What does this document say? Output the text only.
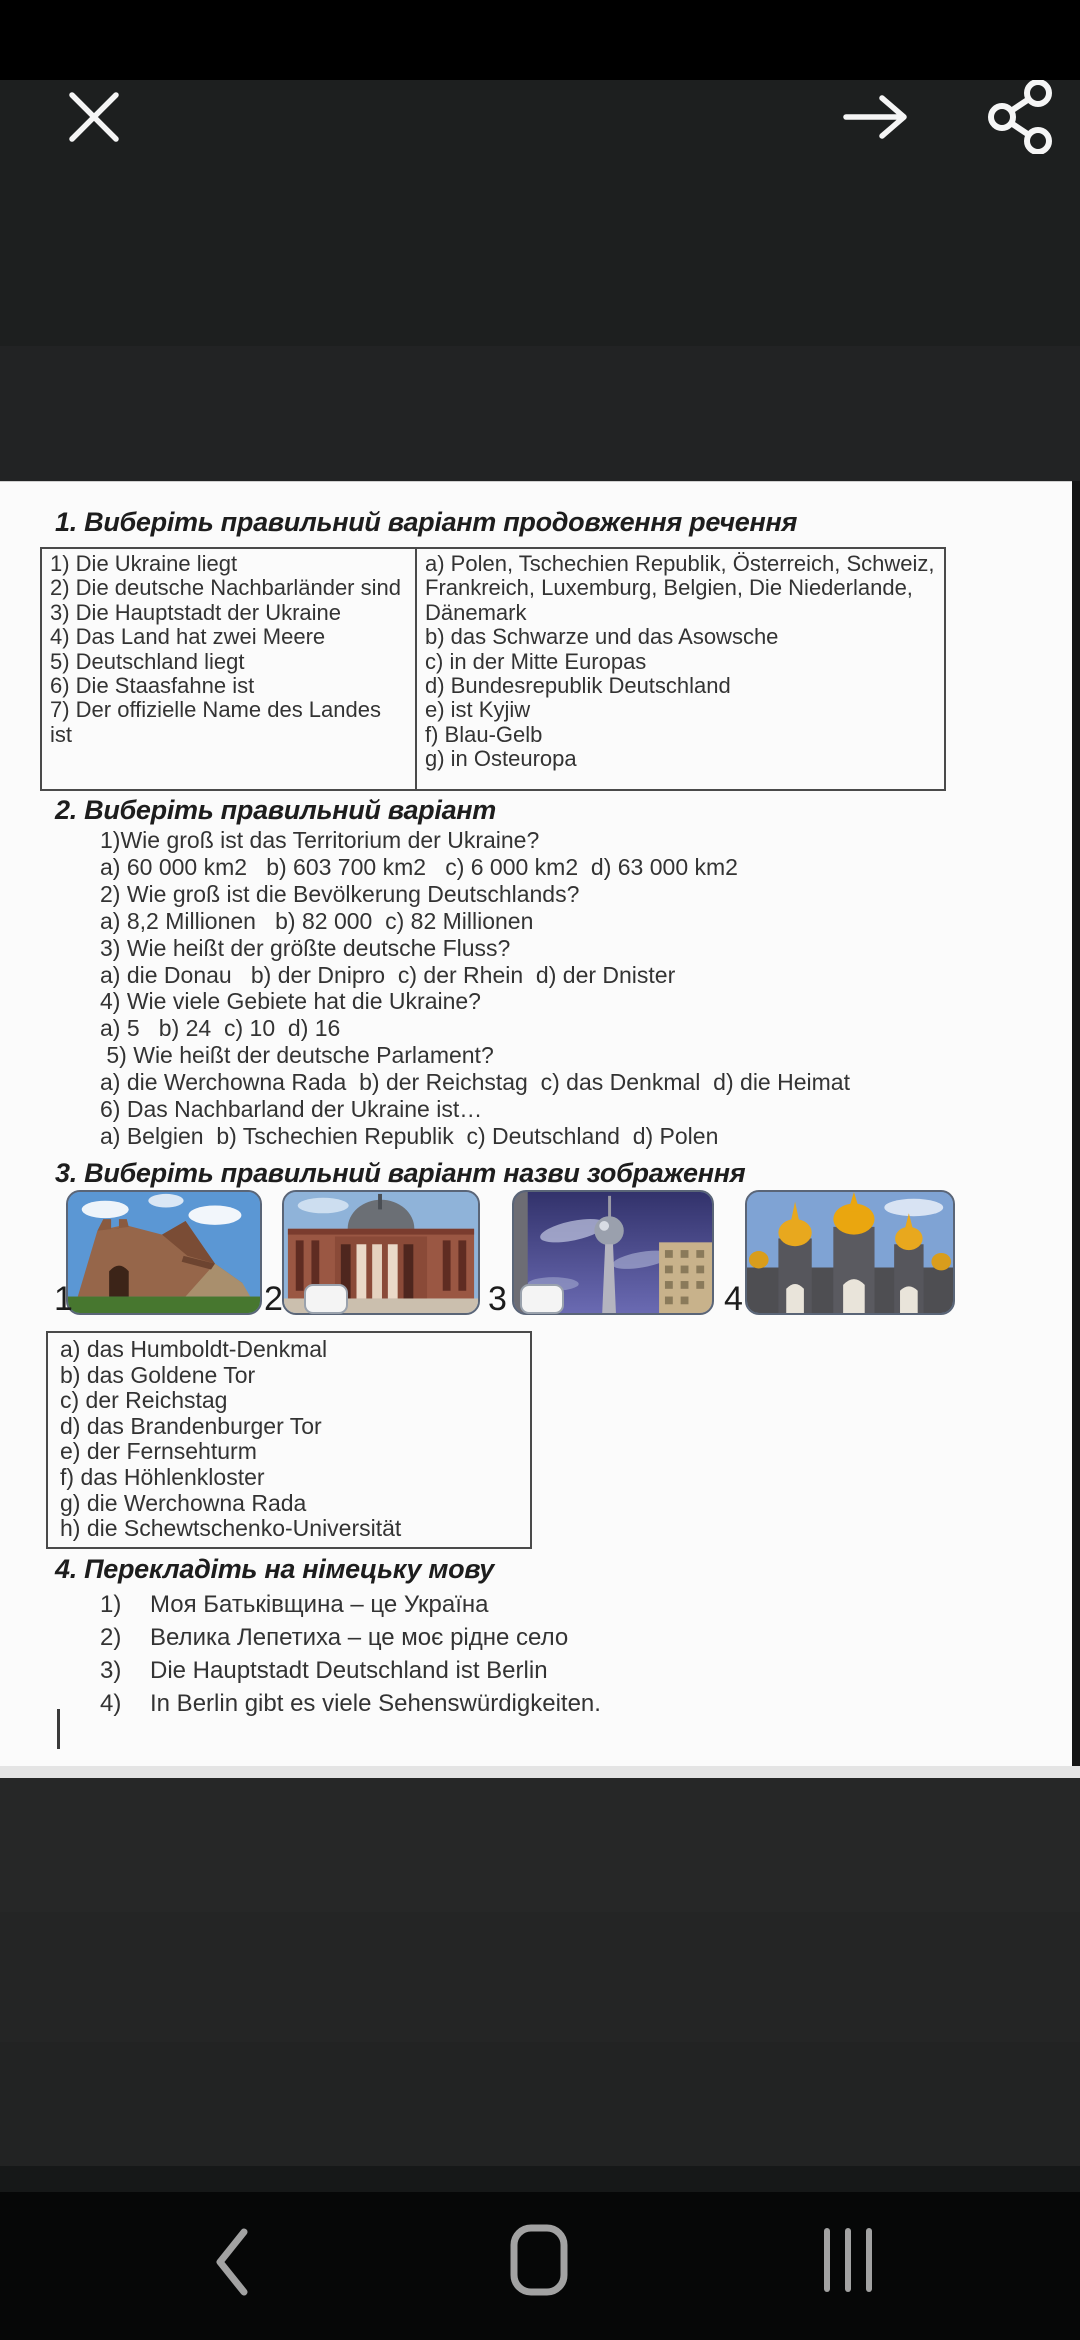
1. Виберіть правильний варіант продовження речення
1) Die Ukraine liegt
2) Die deutsche Nachbarländer sind
3) Die Hauptstadt der Ukraine
4) Das Land hat zwei Meere
5) Deutschland liegt
6) Die Staasfahne ist
7) Der offizielle Name des Landes ist
a) Polen, Tschechien Republik, Österreich, Schweiz, Frankreich, Luxemburg, Belgien, Die Niederlande, Dänemark
b) das Schwarze und das Asowsche
c) in der Mitte Europas
d) Bundesrepublik Deutschland
e) ist Kyjiw
f) Blau-Gelb
g) in Osteuropa
2. Виберіть правильний варіант
1)Wie groß ist das Territorium der Ukraine?
a) 60 000 km2   b) 603 700 km2   c) 6 000 km2  d) 63 000 km2
2) Wie groß ist die Bevölkerung Deutschlands?
a) 8,2 Millionen   b) 82 000  c) 82 Millionen
3) Wie heißt der größte deutsche Fluss?
a) die Donau   b) der Dnipro  c) der Rhein  d) der Dnister
4) Wie viele Gebiete hat die Ukraine?
a) 5   b) 24  c) 10  d) 16
5) Wie heißt der deutsche Parlament?
a) die Werchowna Rada  b) der Reichstag  c) das Denkmal  d) die Heimat
6) Das Nachbarland der Ukraine ist…
a) Belgien  b) Tschechien Republik  c) Deutschland  d) Polen
3. Виберіть правильний варіант назви зображення
a) das Humboldt-Denkmal
b) das Goldene Tor
c) der Reichstag
d) das Brandenburger Tor
e) der Fernsehturm
f) das Höhlenkloster
g) die Werchowna Rada
h) die Schewtschenko-Universität
4. Перекладіть на німецьку мову
1)	Моя Батьківщина – це Україна
2)	Велика Лепетиха – це моє рідне село
3)	Die Hauptstadt Deutschland ist Berlin
4)	In Berlin gibt es viele Sehenswürdigkeiten.
1	2	3	4
